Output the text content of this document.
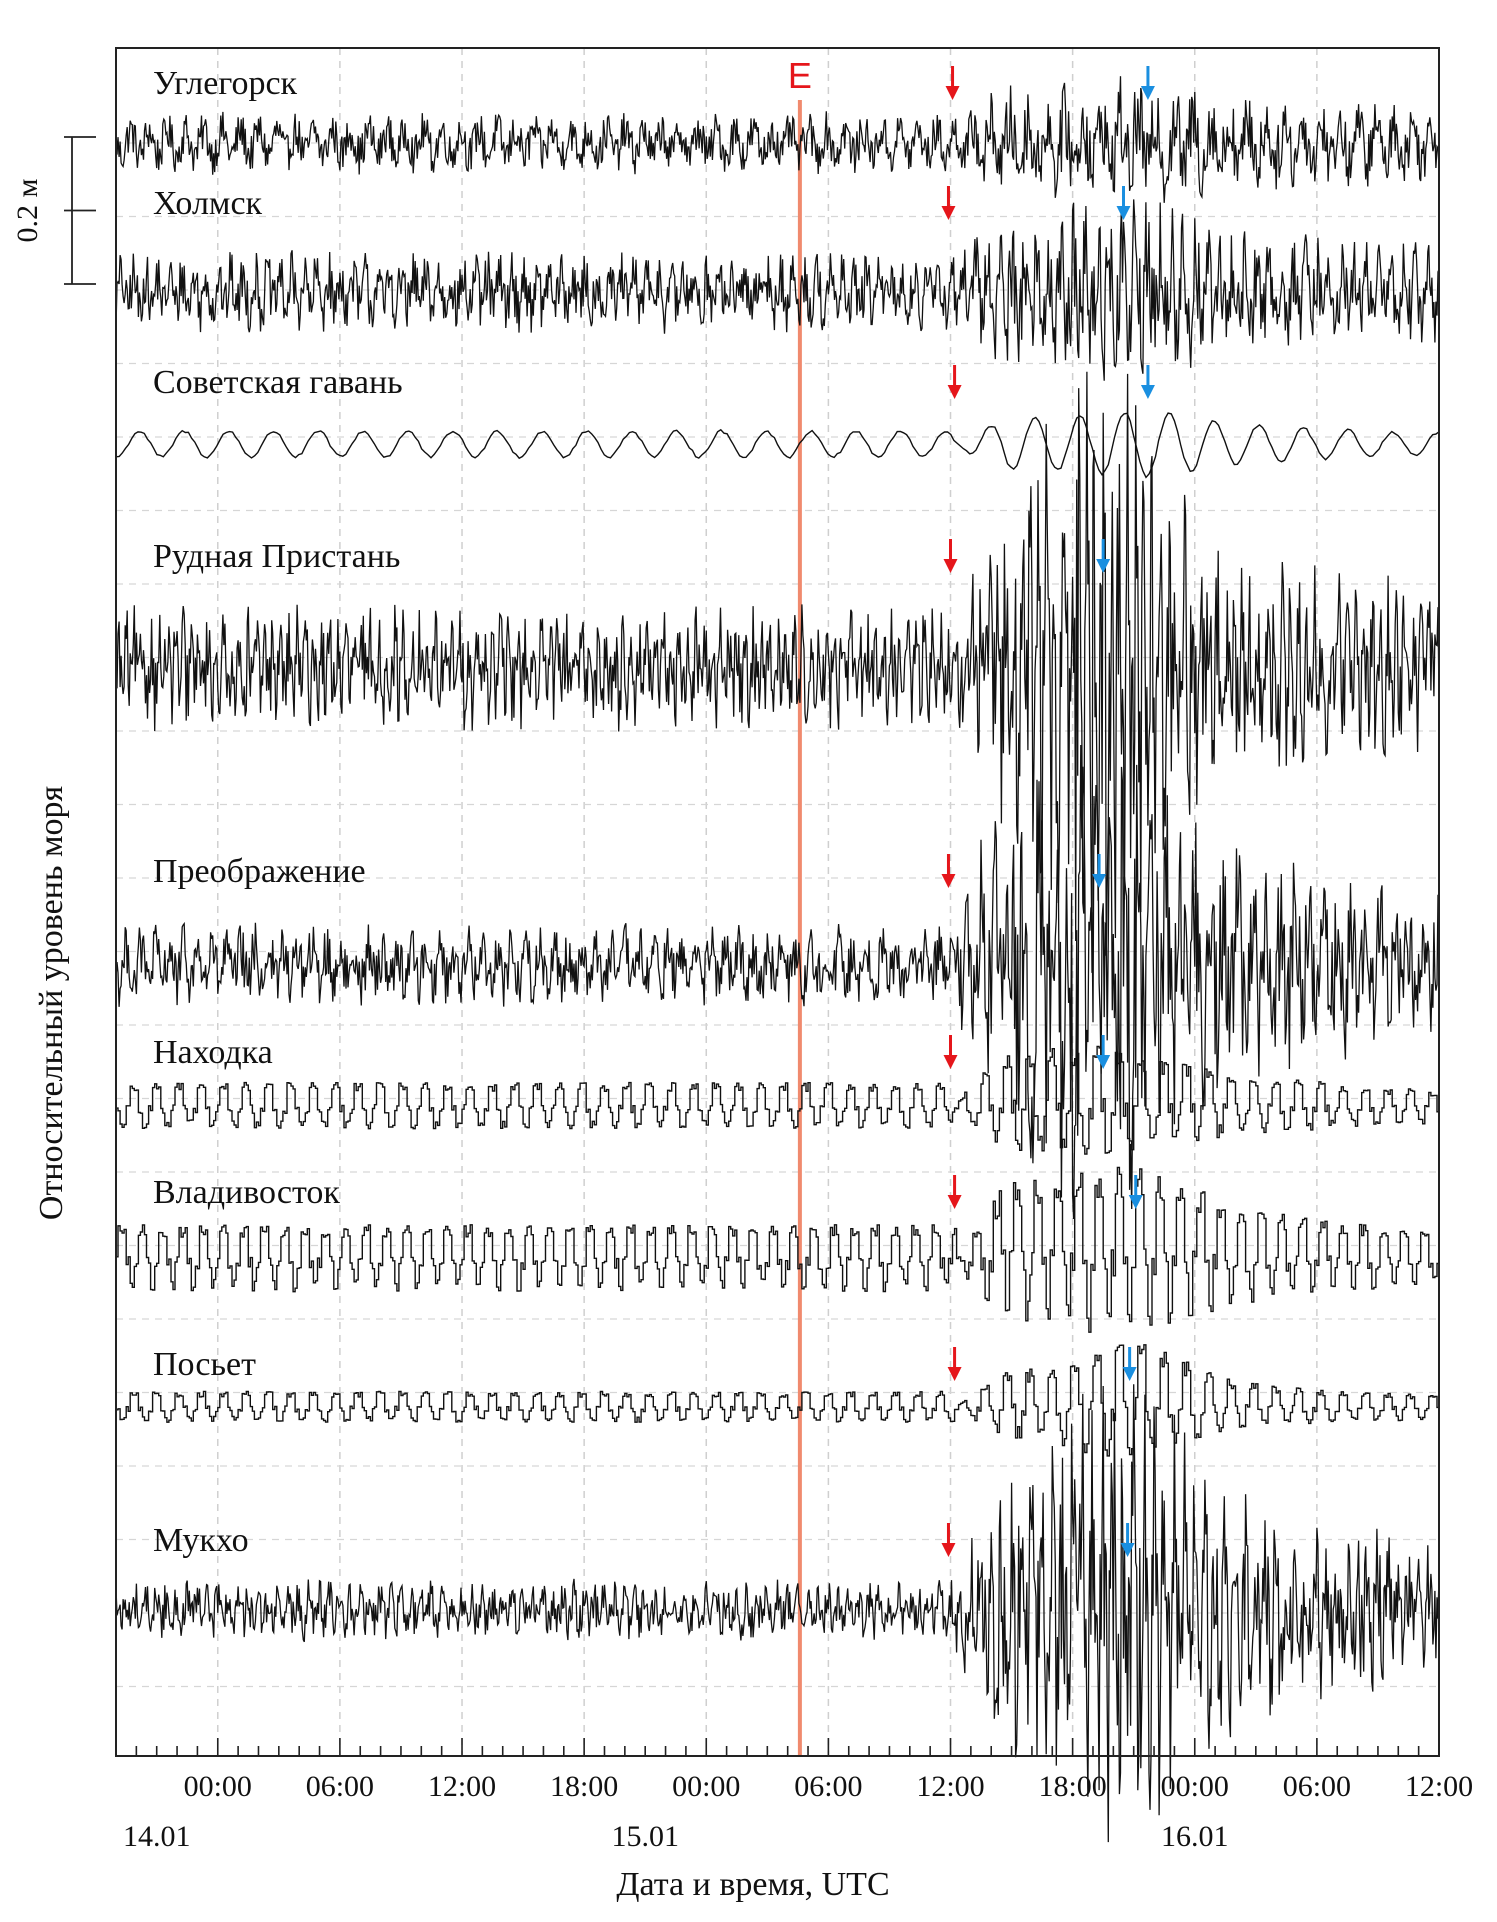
E
Углегорск
Холмск
Советская гавань
Рудная Пристань
Преображение
Находка
Владивосток
Посьет
Мукхо
00:00 06:00 12:00 18:00 00:00 06:00 12:00 18:00 00:00 06:00 12:00
14.01	15.01	16.01
0.2 м
Дата и время, UTC
Относительный уровень моря
